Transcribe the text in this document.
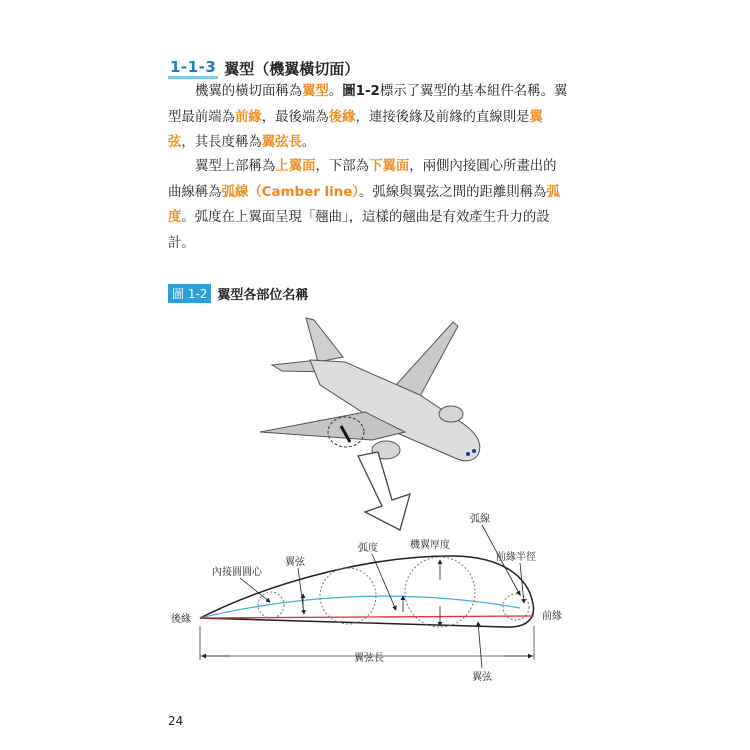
1-1-3 翼型（機翼橫切面）
機翼的橫切面稱為翼型。圖1-2標示了翼型的基本組件名稱。翼型最前端為前緣，最後端為後緣，連接後緣及前緣的直線則是翼弦，其長度稱為翼弦長。
翼型上部稱為上翼面，下部為下翼面，兩側內接圓心所畫出的曲線稱為弧線（Camber line）。弧線與翼弦之間的距離則稱為弧度。弧度在上翼面呈現「翹曲」，這樣的翹曲是有效產生升力的設計。
圖 1-2 翼型各部位名稱
弧線
弧度	機翼厚度
翼弦
內接圓圓心
前緣半徑
後緣	前緣
翼弦長
翼弦
24
